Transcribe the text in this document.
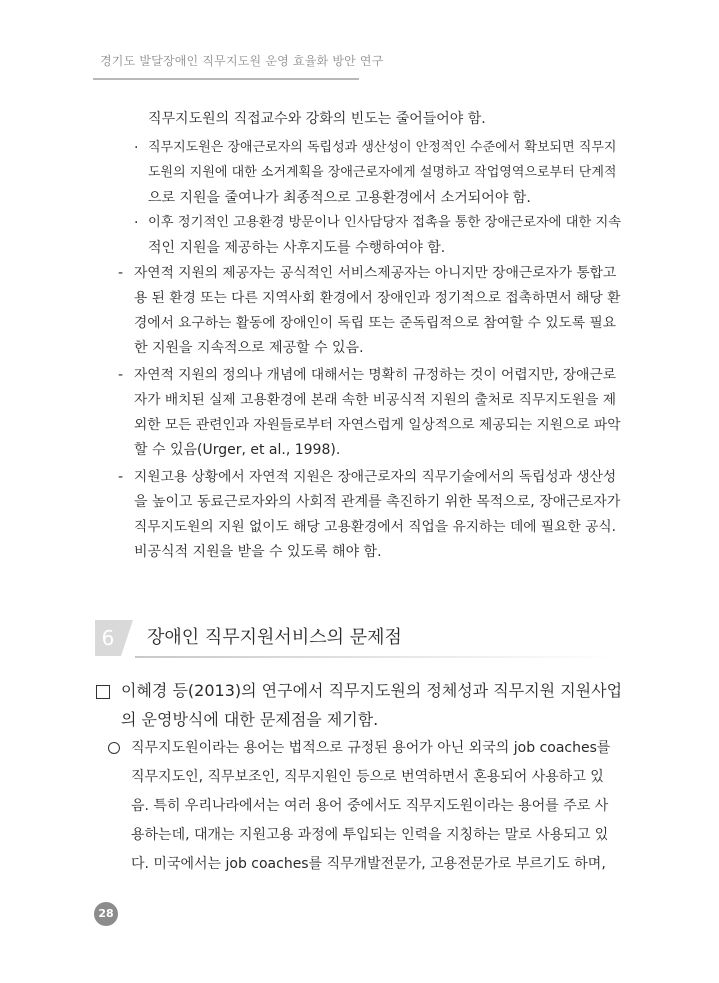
경기도 발달장애인 직무지도원 운영 효율화 방안 연구
직무지도원의 직접교수와 강화의 빈도는 줄어들어야 함.
· 직무지도원은 장애근로자의 독립성과 생산성이 안정적인 수준에서 확보되면 직무지
도원의 지원에 대한 소거계획을 장애근로자에게 설명하고 작업영역으로부터 단계적
으로 지원을 줄여나가 최종적으로 고용환경에서 소거되어야 함.
· 이후 정기적인 고용환경 방문이나 인사담당자 접촉을 통한 장애근로자에 대한 지속
적인 지원을 제공하는 사후지도를 수행하여야 함.
- 자연적 지원의 제공자는 공식적인 서비스제공자는 아니지만 장애근로자가 통합고
용 된 환경 또는 다른 지역사회 환경에서 장애인과 정기적으로 접촉하면서 해당 환
경에서 요구하는 활동에 장애인이 독립 또는 준독립적으로 참여할 수 있도록 필요
한 지원을 지속적으로 제공할 수 있음.
- 자연적 지원의 정의나 개념에 대해서는 명확히 규정하는 것이 어렵지만, 장애근로
자가 배치된 실제 고용환경에 본래 속한 비공식적 지원의 출처로 직무지도원을 제
외한 모든 관련인과 자원들로부터 자연스럽게 일상적으로 제공되는 지원으로 파악
할 수 있음(Urger, et al., 1998).
- 지원고용 상황에서 자연적 지원은 장애근로자의 직무기술에서의 독립성과 생산성
을 높이고 동료근로자와의 사회적 관계를 촉진하기 위한 목적으로, 장애근로자가
직무지도원의 지원 없이도 해당 고용환경에서 직업을 유지하는 데에 필요한 공식.
비공식적 지원을 받을 수 있도록 해야 함.
6	장애인 직무지원서비스의 문제점
이혜경 등(2013)의 연구에서 직무지도원의 정체성과 직무지원 지원사업
의 운영방식에 대한 문제점을 제기함.
직무지도원이라는 용어는 법적으로 규정된 용어가 아닌 외국의 job coaches를
직무지도인, 직무보조인, 직무지원인 등으로 번역하면서 혼용되어 사용하고 있
음. 특히 우리나라에서는 여러 용어 중에서도 직무지도원이라는 용어를 주로 사
용하는데, 대개는 지원고용 과정에 투입되는 인력을 지칭하는 말로 사용되고 있
다. 미국에서는 job coaches를 직무개발전문가, 고용전문가로 부르기도 하며,
28
